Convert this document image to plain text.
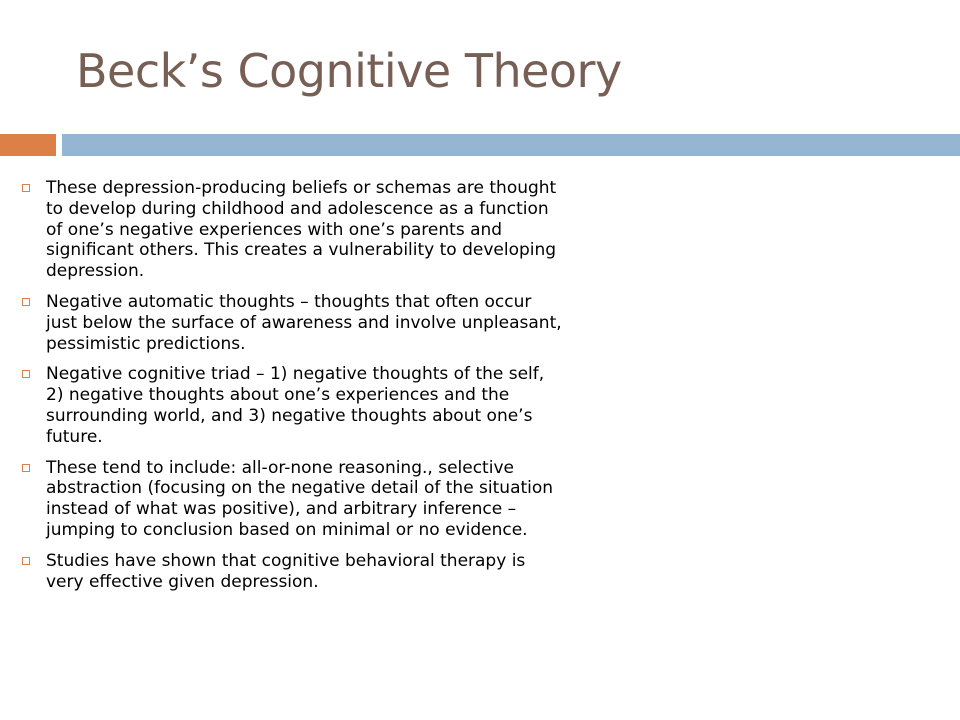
Beck’s Cognitive Theory
These depression-producing beliefs or schemas are thought to develop during childhood and adolescence as a function of one’s negative experiences with one’s parents and significant others. This creates a vulnerability to developing depression.
Negative automatic thoughts – thoughts that often occur just below the surface of awareness and involve unpleasant, pessimistic predictions.
Negative cognitive triad – 1) negative thoughts of the self, 2) negative thoughts about one’s experiences and the surrounding world, and 3) negative thoughts about one’s future.
These tend to include: all-or-none reasoning., selective abstraction (focusing on the negative detail of the situation instead of what was positive), and arbitrary inference – jumping to conclusion based on minimal or no evidence.
Studies have shown that cognitive behavioral therapy is very effective given depression.
